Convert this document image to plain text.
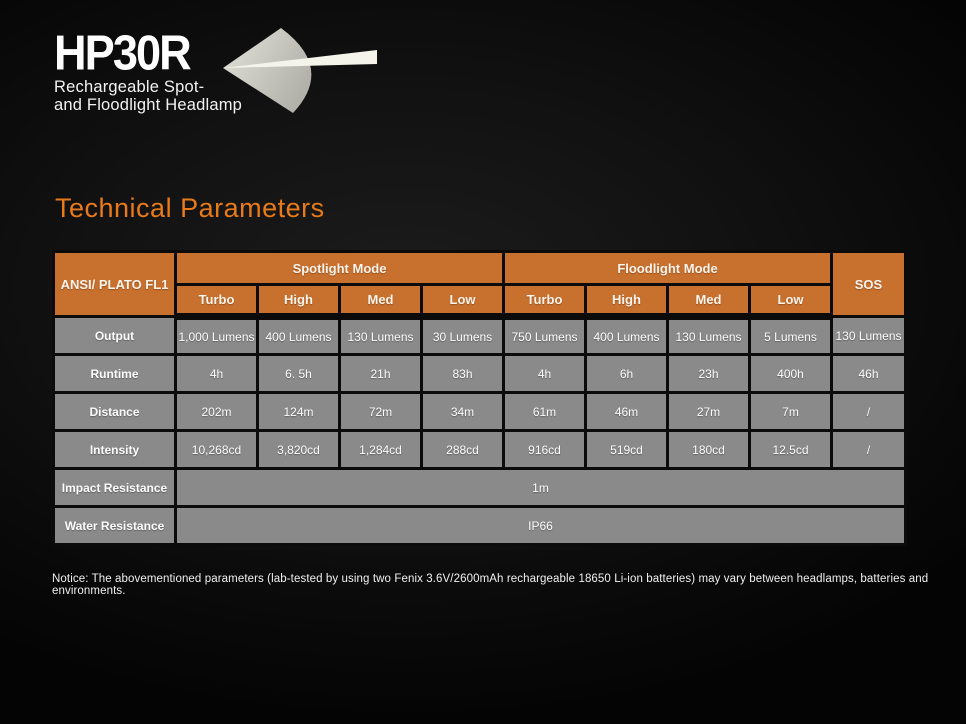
HP30R
Rechargeable Spot-
and Floodlight Headlamp
Technical Parameters
ANSI/ PLATO FL1	Spotlight Mode				Floodlight Mode				SOS
	Turbo	High	Med	Low	Turbo	High	Med	Low	
Output	1,000 Lumens	400 Lumens	130 Lumens	30 Lumens	750 Lumens	400 Lumens	130 Lumens	5 Lumens	130 Lumens
Runtime	4h	6. 5h	21h	83h	4h	6h	23h	400h	46h
Distance	202m	124m	72m	34m	61m	46m	27m	7m	/
Intensity	10,268cd	3,820cd	1,284cd	288cd	916cd	519cd	180cd	12.5cd	/
Impact Resistance	1m								
Water Resistance	IP66								

Notice: The abovementioned parameters (lab-tested by using two Fenix 3.6V/2600mAh rechargeable 18650 Li-ion batteries) may vary between headlamps, batteries and environments.
